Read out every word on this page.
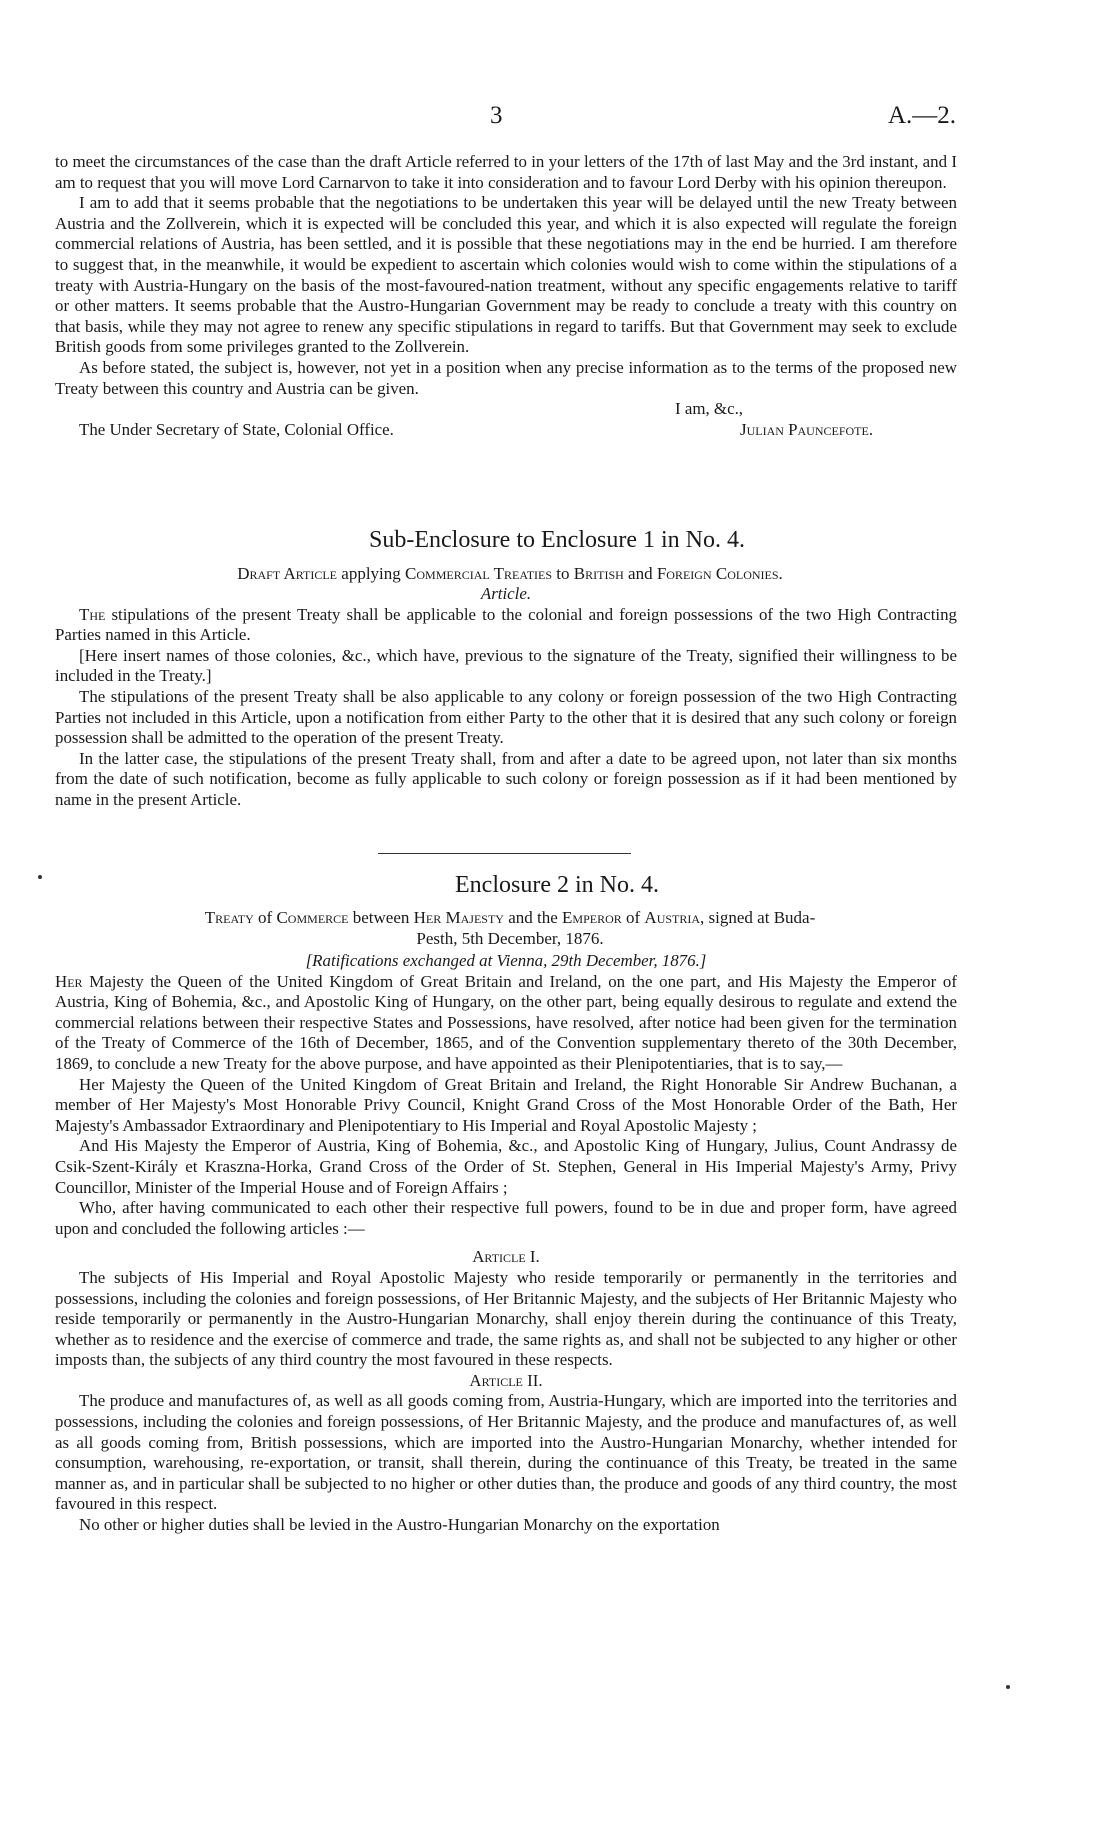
3	A.—2.

to meet the circumstances of the case than the draft Article referred to in your letters of the 17th of last May and the 3rd instant, and I am to request that you will move Lord Carnarvon to take it into consideration and to favour Lord Derby with his opinion thereupon.

I am to add that it seems probable that the negotiations to be undertaken this year will be delayed until the new Treaty between Austria and the Zollverein, which it is expected will be concluded this year, and which it is also expected will regulate the foreign commercial relations of Austria, has been settled, and it is possible that these negotiations may in the end be hurried. I am therefore to suggest that, in the meanwhile, it would be expedient to ascertain which colonies would wish to come within the stipulations of a treaty with Austria-Hungary on the basis of the most-favoured-nation treatment, without any specific engagements relative to tariff or other matters. It seems probable that the Austro-Hungarian Government may be ready to conclude a treaty with this country on that basis, while they may not agree to renew any specific stipulations in regard to tariffs. But that Government may seek to exclude British goods from some privileges granted to the Zollverein.

As before stated, the subject is, however, not yet in a position when any precise information as to the terms of the proposed new Treaty between this country and Austria can be given.

I am, &c.,
The Under Secretary of State, Colonial Office.	Julian Pauncefote.
Sub-Enclosure to Enclosure 1 in No. 4.
Draft Article applying Commercial Treaties to British and Foreign Colonies.

Article.

The stipulations of the present Treaty shall be applicable to the colonial and foreign possessions of the two High Contracting Parties named in this Article.

[Here insert names of those colonies, &c., which have, previous to the signature of the Treaty, signified their willingness to be included in the Treaty.]

The stipulations of the present Treaty shall be also applicable to any colony or foreign possession of the two High Contracting Parties not included in this Article, upon a notification from either Party to the other that it is desired that any such colony or foreign possession shall be admitted to the operation of the present Treaty.

In the latter case, the stipulations of the present Treaty shall, from and after a date to be agreed upon, not later than six months from the date of such notification, become as fully applicable to such colony or foreign possession as if it had been mentioned by name in the present Article.

Enclosure 2 in No. 4.
Treaty of Commerce between Her Majesty and the Emperor of Austria, signed at Buda-
Pesth, 5th December, 1876.

[Ratifications exchanged at Vienna, 29th December, 1876.]

Her Majesty the Queen of the United Kingdom of Great Britain and Ireland, on the one part, and His Majesty the Emperor of Austria, King of Bohemia, &c., and Apostolic King of Hungary, on the other part, being equally desirous to regulate and extend the commercial relations between their respective States and Possessions, have resolved, after notice had been given for the termination of the Treaty of Commerce of the 16th of December, 1865, and of the Convention supplementary thereto of the 30th December, 1869, to conclude a new Treaty for the above purpose, and have appointed as their Plenipotentiaries, that is to say,—

Her Majesty the Queen of the United Kingdom of Great Britain and Ireland, the Right Honorable Sir Andrew Buchanan, a member of Her Majesty's Most Honorable Privy Council, Knight Grand Cross of the Most Honorable Order of the Bath, Her Majesty's Ambassador Extraordinary and Plenipotentiary to His Imperial and Royal Apostolic Majesty ;

And His Majesty the Emperor of Austria, King of Bohemia, &c., and Apostolic King of Hungary, Julius, Count Andrassy de Csik-Szent-Király et Kraszna-Horka, Grand Cross of the Order of St. Stephen, General in His Imperial Majesty's Army, Privy Councillor, Minister of the Imperial House and of Foreign Affairs ;

Who, after having communicated to each other their respective full powers, found to be in due and proper form, have agreed upon and concluded the following articles :—

Article I.

The subjects of His Imperial and Royal Apostolic Majesty who reside temporarily or permanently in the territories and possessions, including the colonies and foreign possessions, of Her Britannic Majesty, and the subjects of Her Britannic Majesty who reside temporarily or permanently in the Austro-Hungarian Monarchy, shall enjoy therein during the continuance of this Treaty, whether as to residence and the exercise of commerce and trade, the same rights as, and shall not be subjected to any higher or other imposts than, the subjects of any third country the most favoured in these respects.

Article II.

The produce and manufactures of, as well as all goods coming from, Austria-Hungary, which are imported into the territories and possessions, including the colonies and foreign possessions, of Her Britannic Majesty, and the produce and manufactures of, as well as all goods coming from, British possessions, which are imported into the Austro-Hungarian Monarchy, whether intended for consumption, warehousing, re-exportation, or transit, shall therein, during the continuance of this Treaty, be treated in the same manner as, and in particular shall be subjected to no higher or other duties than, the produce and goods of any third country, the most favoured in this respect.

No other or higher duties shall be levied in the Austro-Hungarian Monarchy on the exportation
